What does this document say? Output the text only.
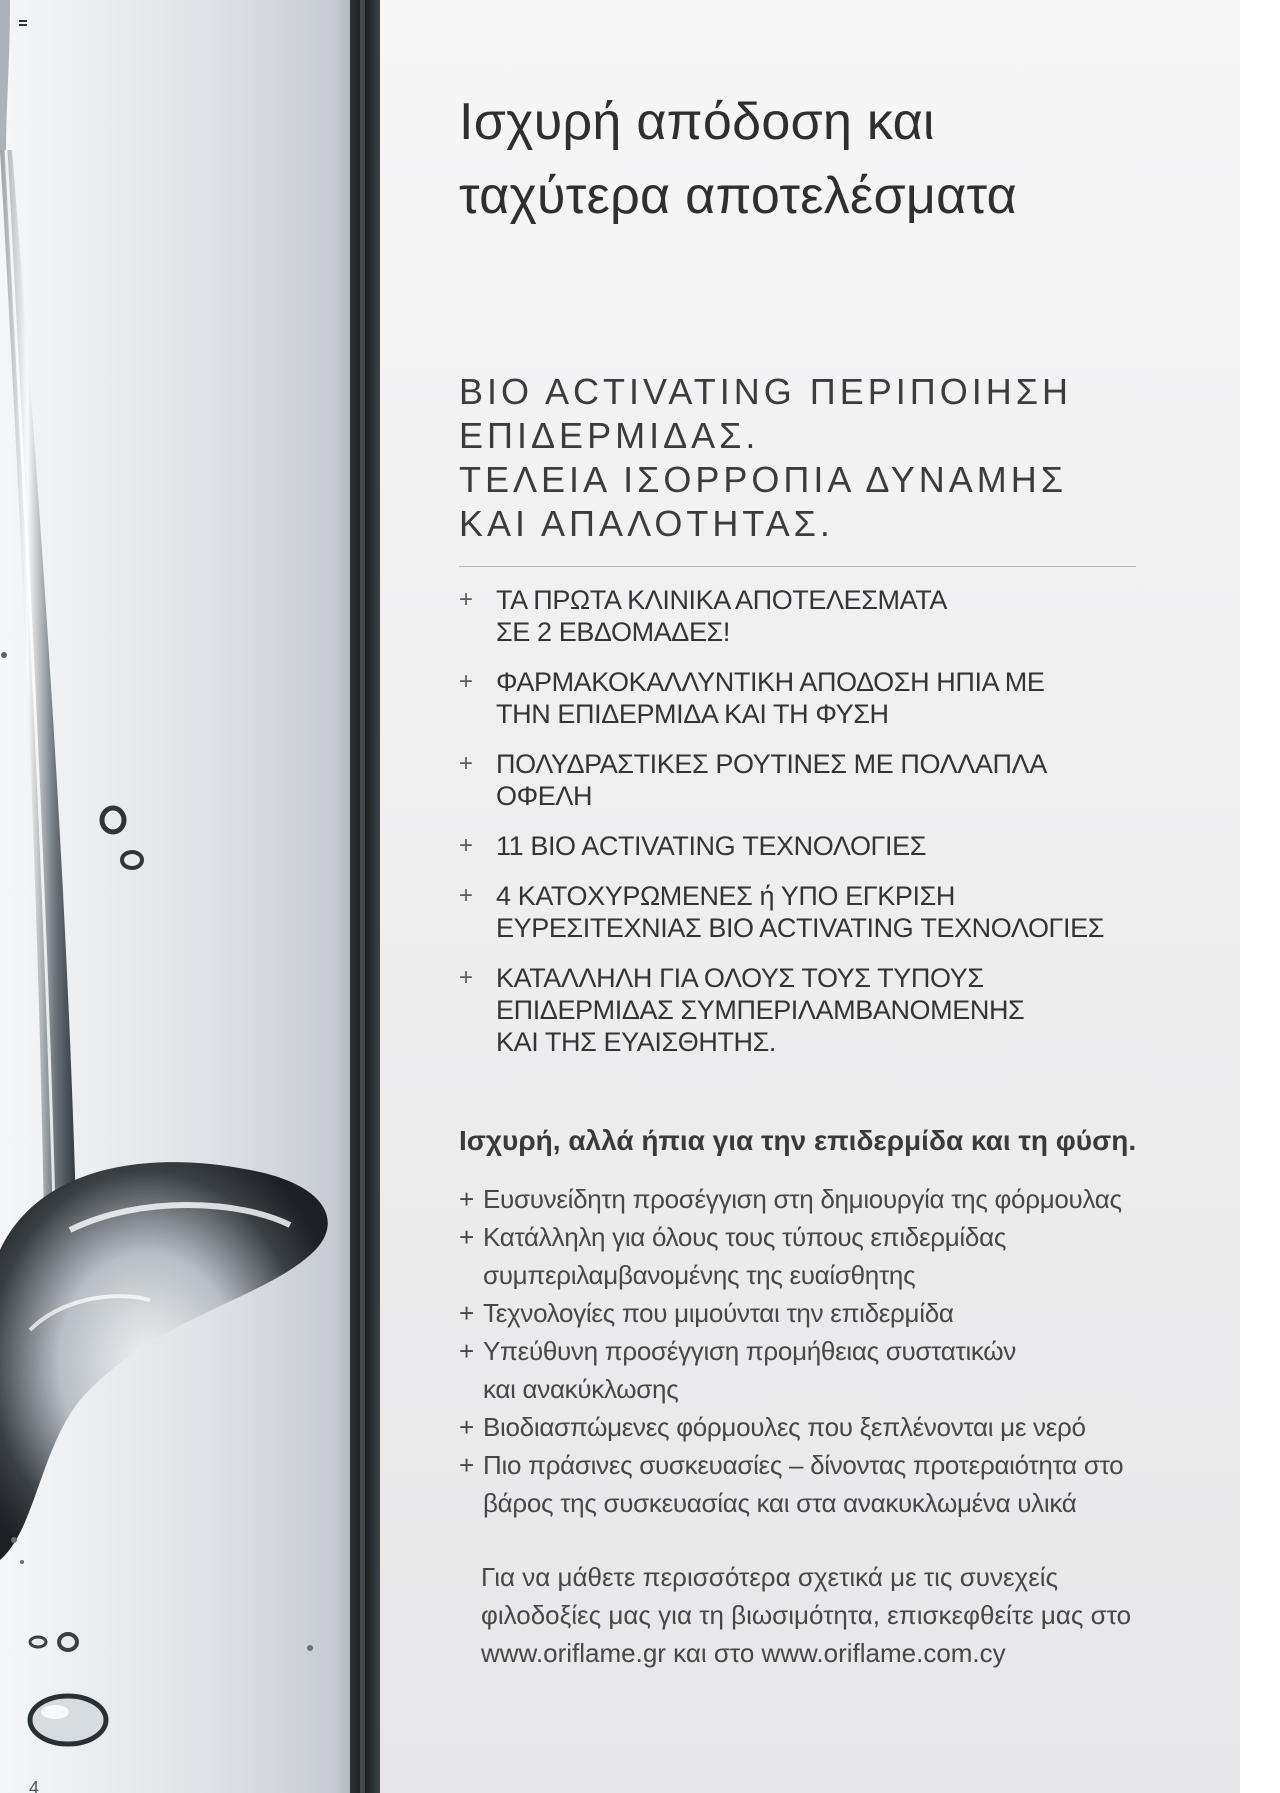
4
Ισχυρή απόδοση και
ταχύτερα αποτελέσματα
BIO ACTIVATING ΠΕΡΙΠΟΙΗΣΗ
ΕΠΙΔΕΡΜΙΔΑΣ.
ΤΕΛΕΙΑ ΙΣΟΡΡΟΠΙΑ ΔΥΝΑΜΗΣ
ΚΑΙ ΑΠΑΛΟΤΗΤΑΣ.
+ ΤΑ ΠΡΩΤΑ ΚΛΙΝΙΚΑ ΑΠΟΤΕΛΕΣΜΑΤΑ
ΣΕ 2 ΕΒΔΟΜΑΔΕΣ!
+ ΦΑΡΜΑΚΟΚΑΛΛΥΝΤΙΚΗ ΑΠΟΔΟΣΗ ΗΠΙΑ ΜΕ
ΤΗΝ ΕΠΙΔΕΡΜΙΔΑ ΚΑΙ ΤΗ ΦΥΣΗ
+ ΠΟΛΥΔΡΑΣΤΙΚΕΣ ΡΟΥΤΙΝΕΣ ΜΕ ΠΟΛΛΑΠΛΑ
ΟΦΕΛΗ
+ 11 BIO ACTIVATING ΤΕΧΝΟΛΟΓΙΕΣ
+ 4 ΚΑΤΟΧΥΡΩΜΕΝΕΣ ή ΥΠΟ ΕΓΚΡΙΣΗ
ΕΥΡΕΣΙΤΕΧΝΙΑΣ BIO ACTIVATING ΤΕΧΝΟΛΟΓΙΕΣ
+ ΚΑΤΑΛΛΗΛΗ ΓΙΑ ΟΛΟΥΣ ΤΟΥΣ ΤΥΠΟΥΣ
ΕΠΙΔΕΡΜΙΔΑΣ ΣΥΜΠΕΡΙΛΑΜΒΑΝΟΜΕΝΗΣ
ΚΑΙ ΤΗΣ ΕΥΑΙΣΘΗΤΗΣ.

Ισχυρή, αλλά ήπια για την επιδερμίδα και τη φύση.

+ Ευσυνείδητη προσέγγιση στη δημιουργία της φόρμουλας
+ Κατάλληλη για όλους τους τύπους επιδερμίδας
συμπεριλαμβανομένης της ευαίσθητης
+ Τεχνολογίες που μιμούνται την επιδερμίδα
+ Υπεύθυνη προσέγγιση προμήθειας συστατικών
και ανακύκλωσης
+ Βιοδιασπώμενες φόρμουλες που ξεπλένονται με νερό
+ Πιο πράσινες συσκευασίες – δίνοντας προτεραιότητα στο
βάρος της συσκευασίας και στα ανακυκλωμένα υλικά

Για να μάθετε περισσότερα σχετικά με τις συνεχείς
φιλοδοξίες μας για τη βιωσιμότητα, επισκεφθείτε μας στο
www.oriflame.gr και στο www.oriflame.com.cy
